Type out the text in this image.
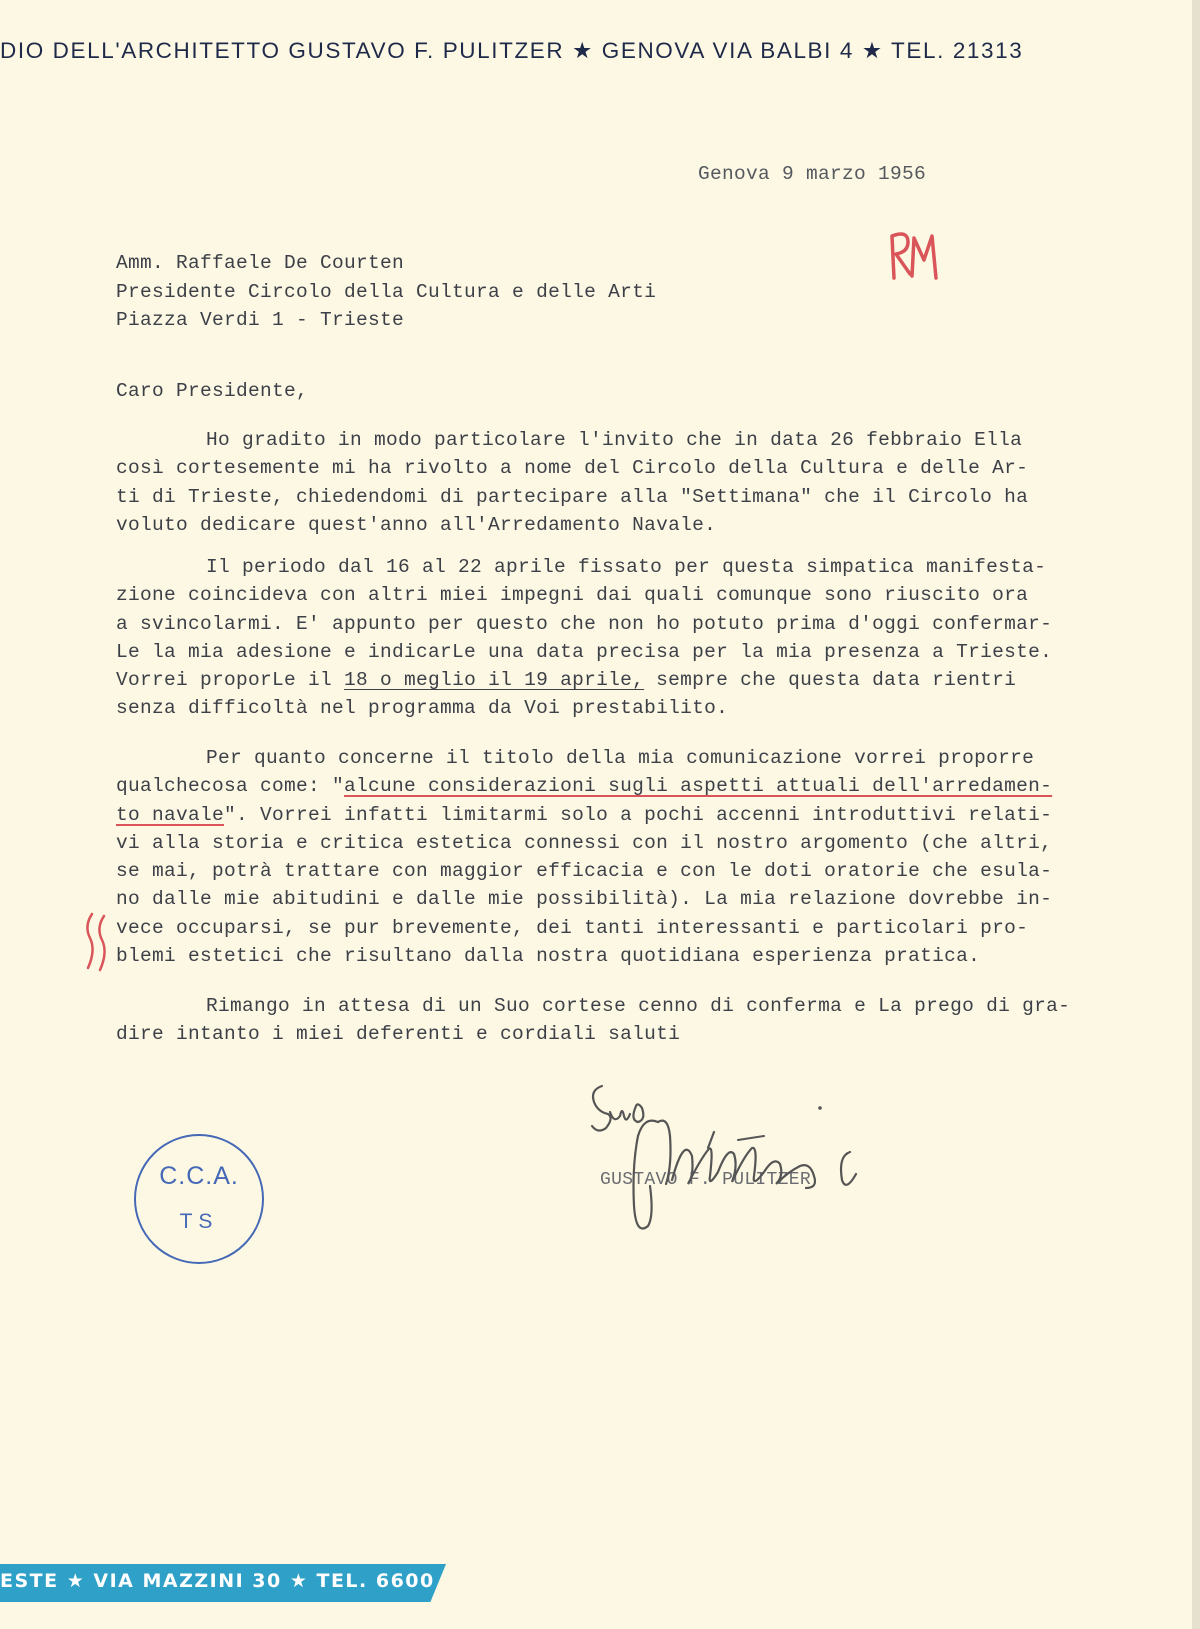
DIO DELL'ARCHITETTO GUSTAVO F. PULITZER ★ GENOVA VIA BALBI 4 ★ TEL. 21313
Genova 9 marzo 1956
Amm. Raffaele De Courten
Presidente Circolo della Cultura e delle Arti
Piazza Verdi 1 - Trieste
Caro Presidente,
Ho gradito in modo particolare l'invito che in data 26 febbraio Ella
così cortesemente mi ha rivolto a nome del Circolo della Cultura e delle Ar-
ti di Trieste, chiedendomi di partecipare alla "Settimana" che il Circolo ha
voluto dedicare quest'anno all'Arredamento Navale.
Il periodo dal 16 al 22 aprile fissato per questa simpatica manifesta-
zione coincideva con altri miei impegni dai quali comunque sono riuscito ora
a svincolarmi. E' appunto per questo che non ho potuto prima d'oggi confermar-
Le la mia adesione e indicarLe una data precisa per la mia presenza a Trieste.
Vorrei proporLe il 18 o meglio il 19 aprile, sempre che questa data rientri
senza difficoltà nel programma da Voi prestabilito.
Per quanto concerne il titolo della mia comunicazione vorrei proporre
qualchecosa come: "alcune considerazioni sugli aspetti attuali dell'arredamen-
to navale". Vorrei infatti limitarmi solo a pochi accenni introduttivi relati-
vi alla storia e critica estetica connessi con il nostro argomento (che altri,
se mai, potrà trattare con maggior efficacia e con le doti oratorie che esula-
no dalle mie abitudini e dalle mie possibilità). La mia relazione dovrebbe in-
vece occuparsi, se pur brevemente, dei tanti interessanti e particolari pro-
blemi estetici che risultano dalla nostra quotidiana esperienza pratica.
Rimango in attesa di un Suo cortese cenno di conferma e La prego di gra-
dire intanto i miei deferenti e cordiali saluti
GUSTAVO F. PULITZER
C.C.A.
TS
ESTE ★ VIA MAZZINI 30 ★ TEL. 6600
